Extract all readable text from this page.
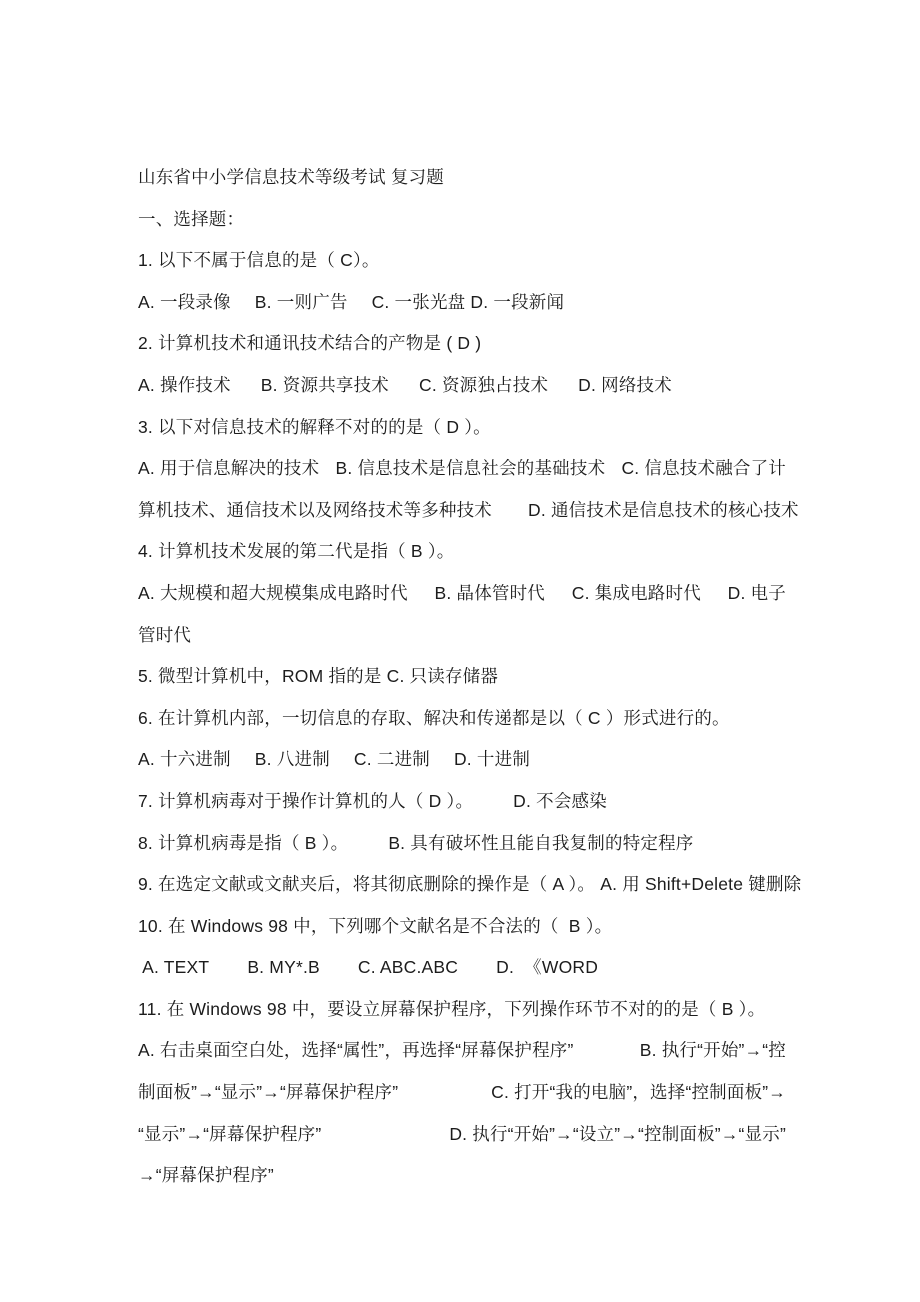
山东省中小学信息技术等级考试 复习题
一、选择题：
1. 以下不属于信息的是（ C）。
A. 一段录像 B. 一则广告 C. 一张光盘 D. 一段新闻
2. 计算机技术和通讯技术结合的产物是 ( D )
A. 操作技术 B. 资源共享技术 C. 资源独占技术 D. 网络技术
3. 以下对信息技术的解释不对的的是（ D ）。
A. 用于信息解决的技术 B. 信息技术是信息社会的基础技术 C. 信息技术融合了计
算机技术、通信技术以及网络技术等多种技术 D. 通信技术是信息技术的核心技术
4. 计算机技术发展的第二代是指（ B ）。
A. 大规模和超大规模集成电路时代 B. 晶体管时代 C. 集成电路时代 D. 电子
管时代
5. 微型计算机中，ROM 指的是 C. 只读存储器
6. 在计算机内部，一切信息的存取、解决和传递都是以（ C ）形式进行的。
A. 十六进制 B. 八进制 C. 二进制 D. 十进制
7. 计算机病毒对于操作计算机的人（ D ）。 D. 不会感染
8. 计算机病毒是指（ B ）。 B. 具有破坏性且能自我复制的特定程序
9. 在选定文献或文献夹后，将其彻底删除的操作是（ A ）。 A. 用 Shift+Delete 键删除
10. 在 Windows 98 中，下列哪个文献名是不合法的（  B ）。
A. TEXT B. MY*.B C. ABC.ABC D.  《WORD
11. 在 Windows 98 中，要设立屏幕保护程序，下列操作环节不对的的是（ B ）。
A. 右击桌面空白处，选择“属性”，再选择“屏幕保护程序”	B. 执行“开始”→“控
制面板”→“显示”→“屏幕保护程序”	C. 打开“我的电脑”，选择“控制面板”→
“显示”→“屏幕保护程序”	D. 执行“开始”→“设立”→“控制面板”→“显示”
→“屏幕保护程序”
